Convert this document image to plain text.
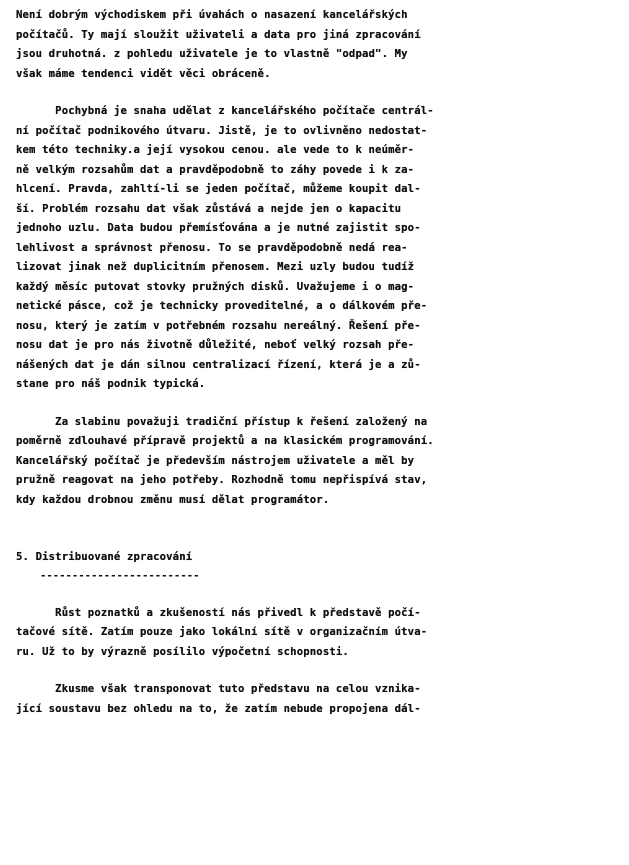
Není dobrým východiskem při úvahách o nasazení kancelářských
počítačů. Ty mají sloužit uživateli a data pro jiná zpracování
jsou druhotná. z pohledu uživatele je to vlastně "odpad". My
však máme tendenci vidět věci obráceně.
Pochybná je snaha udělat z kancelářského počítače centrál-
ní počítač podnikového útvaru. Jistě, je to ovlivněno nedostat-
kem této techniky.a její vysokou cenou. ale vede to k neúměr-
ně velkým rozsahům dat a pravděpodobně to záhy povede i k za-
hlcení. Pravda, zahltí-li se jeden počítač, můžeme koupit dal-
ší. Problém rozsahu dat však zůstává a nejde jen o kapacitu
jednoho uzlu. Data budou přemísťována a je nutné zajistit spo-
lehlivost a správnost přenosu. To se pravděpodobně nedá rea-
lizovat jinak než duplicitním přenosem. Mezi uzly budou tudíž
každý měsíc putovat stovky pružných disků. Uvažujeme i o mag-
netické pásce, což je technicky proveditelné, a o dálkovém pře-
nosu, který je zatím v potřebném rozsahu nereálný. Řešení pře-
nosu dat je pro nás životně důležité, neboť velký rozsah pře-
nášených dat je dán silnou centralizací řízení, která je a zů-
stane pro náš podnik typická.
Za slabinu považuji tradiční přístup k řešení založený na
poměrně zdlouhavé přípravě projektů a na klasickém programování.
Kancelářský počítač je především nástrojem uživatele a měl by
pružně reagovat na jeho potřeby. Rozhodně tomu nepřispívá stav,
kdy každou drobnou změnu musí dělat programátor.
5. Distribuované zpracování
-------------------------
Růst poznatků a zkušeností nás přivedl k představě počí-
tačové sítě. Zatím pouze jako lokální sítě v organizačním útva-
ru. Už to by výrazně posílilo výpočetní schopnosti.
Zkusme však transponovat tuto představu na celou vznika-
jící soustavu bez ohledu na to, že zatím nebude propojena dál-
